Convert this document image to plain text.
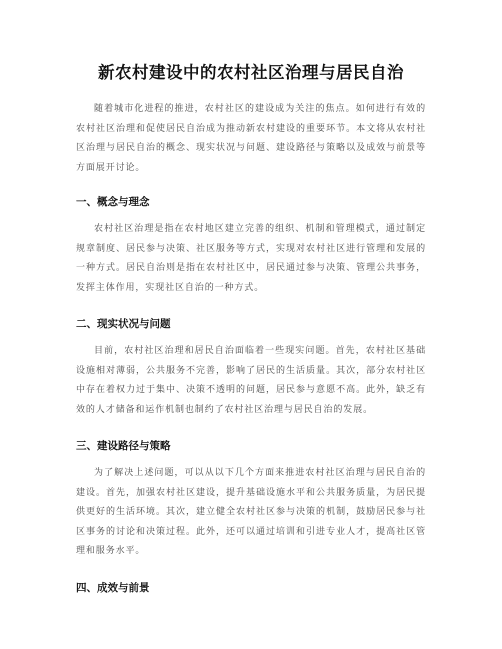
新农村建设中的农村社区治理与居民自治

随着城市化进程的推进，农村社区的建设成为关注的焦点。如何进行有效的农村社区治理和促使居民自治成为推动新农村建设的重要环节。本文将从农村社区治理与居民自治的概念、现实状况与问题、建设路径与策略以及成效与前景等方面展开讨论。

一、概念与理念

农村社区治理是指在农村地区建立完善的组织、机制和管理模式，通过制定规章制度、居民参与决策、社区服务等方式，实现对农村社区进行管理和发展的一种方式。居民自治则是指在农村社区中，居民通过参与决策、管理公共事务，发挥主体作用，实现社区自治的一种方式。

二、现实状况与问题

目前，农村社区治理和居民自治面临着一些现实问题。首先，农村社区基础设施相对薄弱，公共服务不完善，影响了居民的生活质量。其次，部分农村社区中存在着权力过于集中、决策不透明的问题，居民参与意愿不高。此外，缺乏有效的人才储备和运作机制也制约了农村社区治理与居民自治的发展。

三、建设路径与策略

为了解决上述问题，可以从以下几个方面来推进农村社区治理与居民自治的建设。首先，加强农村社区建设，提升基础设施水平和公共服务质量，为居民提供更好的生活环境。其次，建立健全农村社区参与决策的机制，鼓励居民参与社区事务的讨论和决策过程。此外，还可以通过培训和引进专业人才，提高社区管理和服务水平。

四、成效与前景
